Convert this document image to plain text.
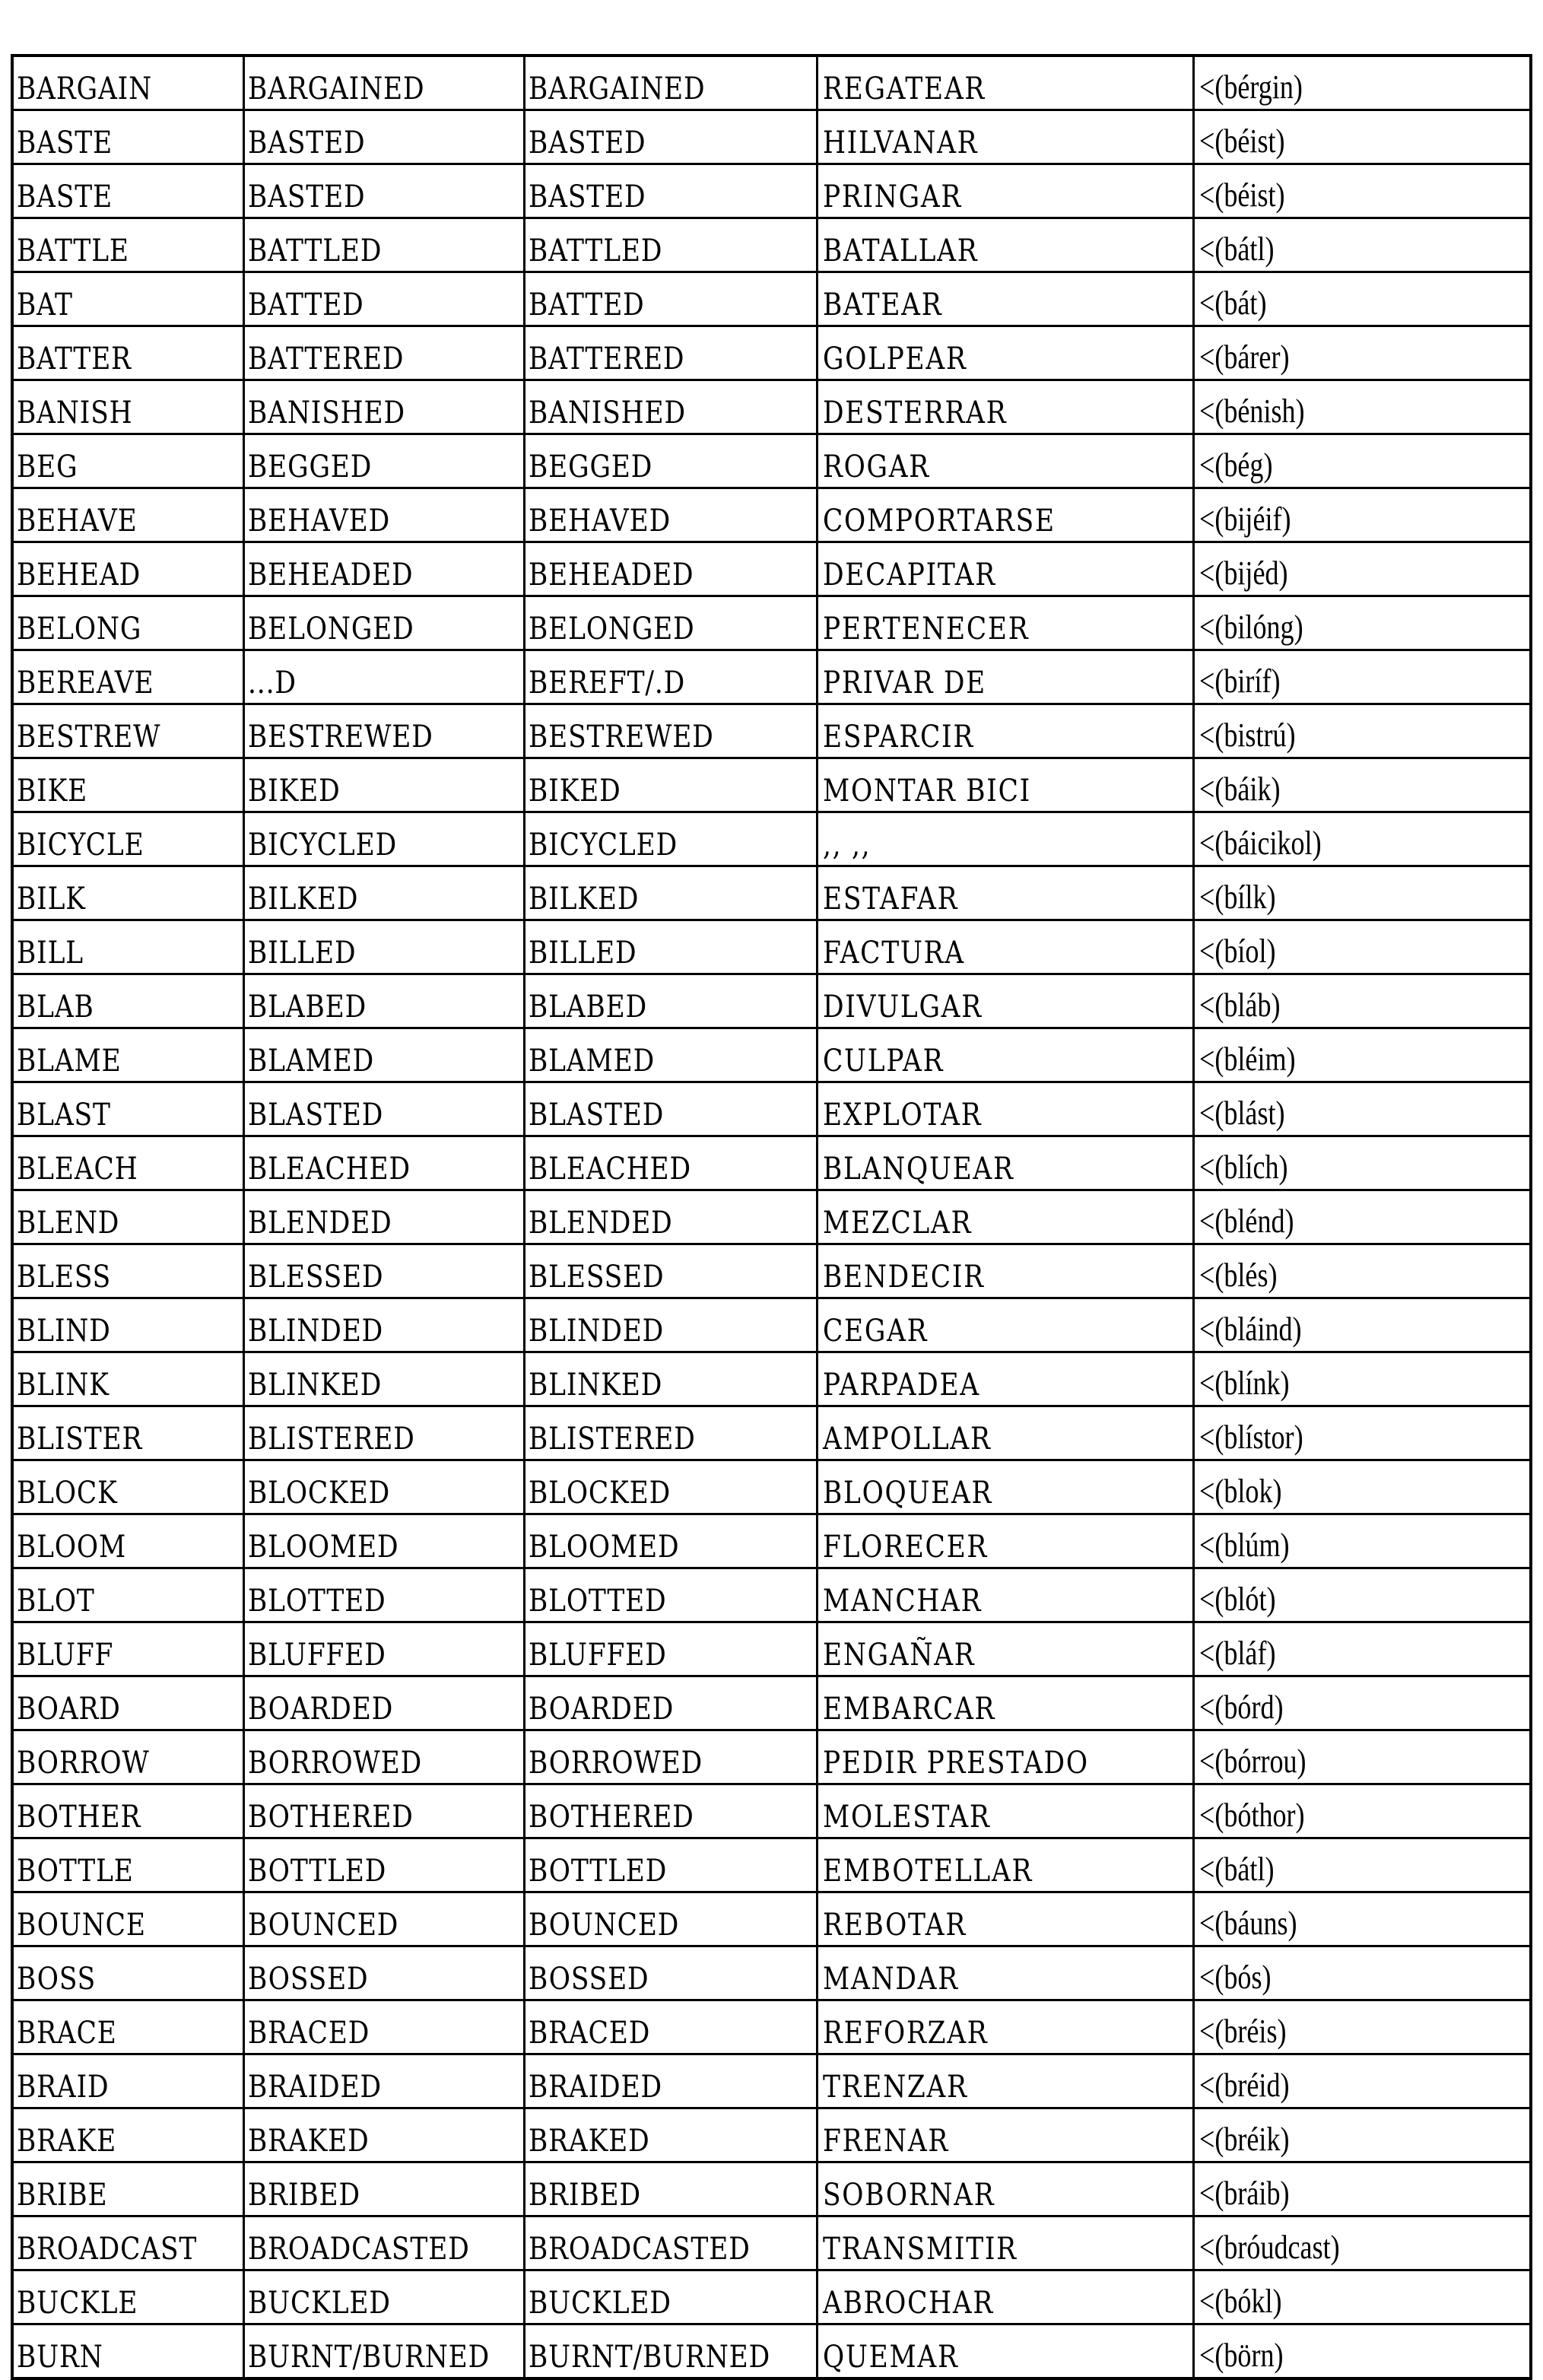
BARGAIN	BARGAINED	BARGAINED	REGATEAR	<(bérgin)
BASTE	BASTED	BASTED	HILVANAR	<(béist)
BASTE	BASTED	BASTED	PRINGAR	<(béist)
BATTLE	BATTLED	BATTLED	BATALLAR	<(bátl)
BAT	BATTED	BATTED	BATEAR	<(bát)
BATTER	BATTERED	BATTERED	GOLPEAR	<(bárer)
BANISH	BANISHED	BANISHED	DESTERRAR	<(bénish)
BEG	BEGGED	BEGGED	ROGAR	<(bég)
BEHAVE	BEHAVED	BEHAVED	COMPORTARSE	<(bijéif)
BEHEAD	BEHEADED	BEHEADED	DECAPITAR	<(bijéd)
BELONG	BELONGED	BELONGED	PERTENECER	<(bilóng)
BEREAVE	...D	BEREFT/.D	PRIVAR DE	<(biríf)
BESTREW	BESTREWED	BESTREWED	ESPARCIR	<(bistrú)
BIKE	BIKED	BIKED	MONTAR BICI	<(báik)
BICYCLE	BICYCLED	BICYCLED	,, ,,	<(báicikol)
BILK	BILKED	BILKED	ESTAFAR	<(bílk)
BILL	BILLED	BILLED	FACTURA	<(bíol)
BLAB	BLABED	BLABED	DIVULGAR	<(bláb)
BLAME	BLAMED	BLAMED	CULPAR	<(bléim)
BLAST	BLASTED	BLASTED	EXPLOTAR	<(blást)
BLEACH	BLEACHED	BLEACHED	BLANQUEAR	<(blích)
BLEND	BLENDED	BLENDED	MEZCLAR	<(blénd)
BLESS	BLESSED	BLESSED	BENDECIR	<(blés)
BLIND	BLINDED	BLINDED	CEGAR	<(bláind)
BLINK	BLINKED	BLINKED	PARPADEA	<(blínk)
BLISTER	BLISTERED	BLISTERED	AMPOLLAR	<(blístor)
BLOCK	BLOCKED	BLOCKED	BLOQUEAR	<(blok)
BLOOM	BLOOMED	BLOOMED	FLORECER	<(blúm)
BLOT	BLOTTED	BLOTTED	MANCHAR	<(blót)
BLUFF	BLUFFED	BLUFFED	ENGAÑAR	<(bláf)
BOARD	BOARDED	BOARDED	EMBARCAR	<(bórd)
BORROW	BORROWED	BORROWED	PEDIR PRESTADO	<(bórrou)
BOTHER	BOTHERED	BOTHERED	MOLESTAR	<(bóthor)
BOTTLE	BOTTLED	BOTTLED	EMBOTELLAR	<(bátl)
BOUNCE	BOUNCED	BOUNCED	REBOTAR	<(báuns)
BOSS	BOSSED	BOSSED	MANDAR	<(bós)
BRACE	BRACED	BRACED	REFORZAR	<(bréis)
BRAID	BRAIDED	BRAIDED	TRENZAR	<(bréid)
BRAKE	BRAKED	BRAKED	FRENAR	<(bréik)
BRIBE	BRIBED	BRIBED	SOBORNAR	<(bráib)
BROADCAST	BROADCASTED	BROADCASTED	TRANSMITIR	<(bróudcast)
BUCKLE	BUCKLED	BUCKLED	ABROCHAR	<(bókl)
BURN	BURNT/BURNED	BURNT/BURNED	QUEMAR	<(börn)
